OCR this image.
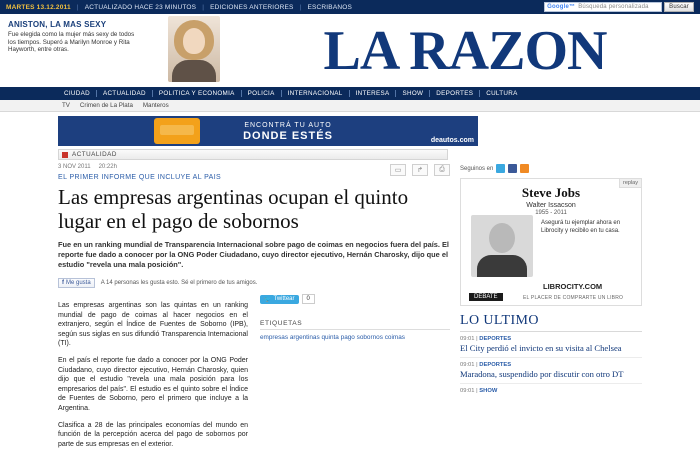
MARTES 13.12.2011 | ACTUALIZADO HACE 23 MINUTOS | EDICIONES ANTERIORES | ESCRIBANOS	Google™ Búsqueda personalizada	Buscar
ANISTON, LA MAS SEXY

Fue elegida como la mujer más sexy de todos los tiempos. Superó a Marilyn Monroe y Rita Hayworth, entre otras.	LA RAZON
CIUDAD	ACTUALIDAD	POLITICA Y ECONOMIA	POLICIA	INTERNACIONAL	INTERESA	SHOW	DEPORTES	CULTURA
TV Crimen de La Plata Manteros
ENCONTRÁ TU AUTO
DONDE ESTÉS	deautos.com
ACTUALIDAD
3 NOV 2011 20:22h	▭	↱	⎙
EL PRIMER INFORME QUE INCLUYE AL PAIS
Las empresas argentinas ocupan el quinto lugar en el pago de sobornos
Fue en un ranking mundial de Transparencia Internacional sobre pago de coimas en negocios fuera del país. El reporte fue dado a conocer por la ONG Poder Ciudadano, cuyo director ejecutivo, Hernán Charosky, dijo que el estudio "revela una mala posición".
f Me gusta A 14 personas les gusta esto. Sé el primero de tus amigos.

Las empresas argentinas son las quintas en un ranking mundial de pago de coimas al hacer negocios en el extranjero, según el Índice de Fuentes de Soborno (IPB), según sus siglas en sus difundió Transparencia Internacional (TI).

En el país el reporte fue dado a conocer por la ONG Poder Ciudadano, cuyo director ejecutivo, Hernán Charosky, quien dijo que el estudio "revela una mala posición para los empresarios del país". El estudio es el quinto sobre el Índice de Fuentes de Soborno, pero el primero que incluye a la Argentina.

Clasifica a 28 de las principales economías del mundo en función de la percepción acerca del pago de sobornos por parte de sus empresas en el exterior.

🐦 Twittear	0
ETIQUETAS
empresas argentinas quinta pago sobornos coimas
Seguinos en
replay
Steve Jobs
Walter Issacson
1955 - 2011
Asegurá tu ejemplar ahora en Librocity y recibilo en tu casa.
LIBROCITY.COM
DEBATE	EL PLACER DE COMPRARTE UN LIBRO
LO ULTIMO
09:01 | DEPORTES
El City perdió el invicto en su visita al Chelsea
09:01 | DEPORTES
Maradona, suspendido por discutir con otro DT
09:01 | SHOW
